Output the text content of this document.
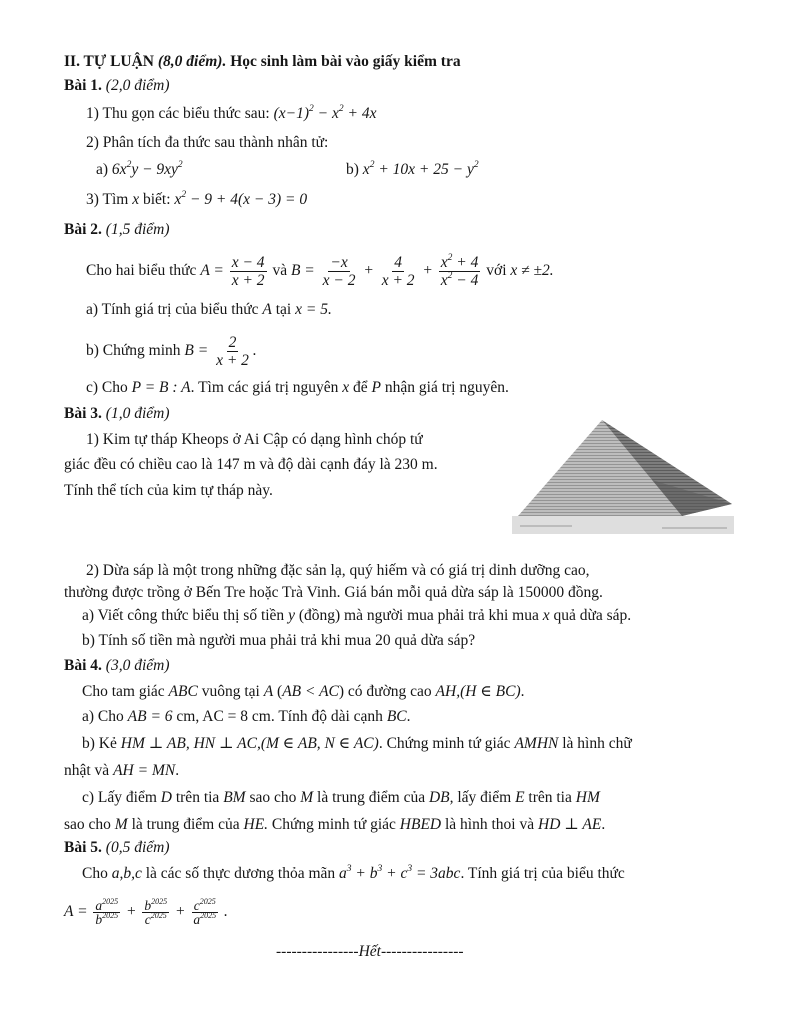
II. TỰ LUẬN (8,0 điểm). Học sinh làm bài vào giấy kiểm tra
Bài 1. (2,0 điểm)
1) Thu gọn các biểu thức sau: $(x-1)^2 - x^2 + 4x$
2) Phân tích đa thức sau thành nhân tử:
a) $6x^2y - 9xy^2$	b) $x^2 + 10x + 25 - y^2$
3) Tìm x biết: $x^2 - 9 + 4(x - 3) = 0$
Bài 2. (1,5 điểm)
Cho hai biểu thức $A = \frac{x - 4}{x + 2}$ và $B = \frac{-x}{x - 2} + \frac{4}{x + 2} + \frac{x^2 + 4}{x^2 - 4}$ với x ≠ ±2.
a) Tính giá trị của biểu thức A tại x = 5.
b) Chứng minh $B = \frac{2}{x + 2}$ .
c) Cho P = B : A. Tìm các giá trị nguyên x để P nhận giá trị nguyên.
Bài 3. (1,0 điểm)
1) Kim tự tháp Kheops ở Ai Cập có dạng hình chóp tứ
giác đều có chiều cao là 147 m và độ dài cạnh đáy là 230 m.
Tính thể tích của kim tự tháp này.
2) Dừa sáp là một trong những đặc sản lạ, quý hiếm và có giá trị dinh dưỡng cao,
thường được trồng ở Bến Tre hoặc Trà Vinh. Giá bán mỗi quả dừa sáp là 150000 đồng.
a) Viết công thức biểu thị số tiền y (đồng) mà người mua phải trả khi mua x quả dừa sáp.
b) Tính số tiền mà người mua phải trả khi mua 20 quả dừa sáp?
Bài 4. (3,0 điểm)
Cho tam giác ABC vuông tại A (AB < AC) có đường cao AH,(H ∈ BC).
a) Cho AB = 6 cm, AC = 8 cm. Tính độ dài cạnh BC.
b) Kẻ HM ⊥ AB, HN ⊥ AC,(M ∈ AB, N ∈ AC). Chứng minh tứ giác AMHN là hình chữ
nhật và AH = MN.
c) Lấy điểm D trên tia BM sao cho M là trung điểm của DB, lấy điểm E trên tia HM
sao cho M là trung điểm của HE. Chứng minh tứ giác HBED là hình thoi và HD ⊥ AE.
Bài 5. (0,5 điểm)
Cho a,b,c là các số thực dương thỏa mãn $a^3 + b^3 + c^3 = 3abc$. Tính giá trị của biểu thức
$A = \frac{a^{2025}}{b^{2025}} + \frac{b^{2025}}{c^{2025}} + \frac{c^{2025}}{a^{2025}}$ .
----------------Hết----------------
